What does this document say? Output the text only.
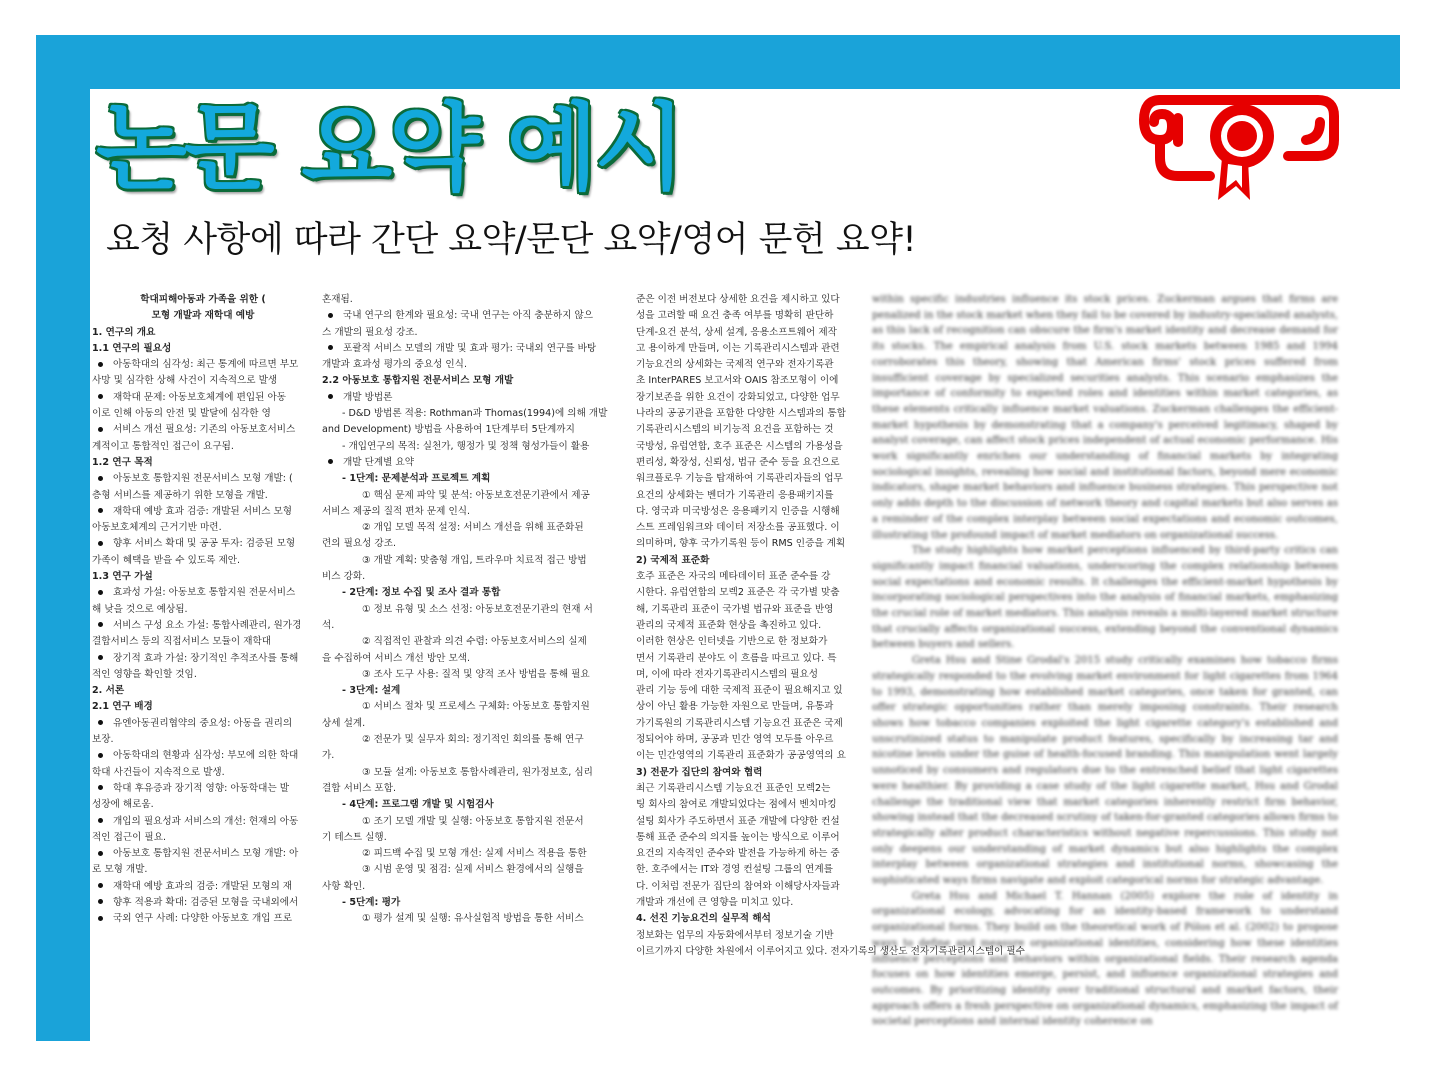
논문 요약 예시
요청 사항에 따라 간단 요약/문단 요약/영어 문헌 요약!
학대피해아동과 가족을 위한 (
모형 개발과 재학대 예방
1. 연구의 개요
1.1 연구의 필요성
아동학대의 심각성: 최근 통계에 따르면 부모
사망 및 심각한 상해 사건이 지속적으로 발생
재학대 문제: 아동보호체계에 편입된 아동
이로 인해 아동의 안전 및 발달에 심각한 영
서비스 개선 필요성: 기존의 아동보호서비스
계적이고 통합적인 접근이 요구됨.
1.2 연구 목적
아동보호 통합지원 전문서비스 모형 개발: (
층형 서비스를 제공하기 위한 모형을 개발.
재학대 예방 효과 검증: 개발된 서비스 모형
아동보호체계의 근거기반 마련.
향후 서비스 확대 및 공공 투자: 검증된 모형
가족이 혜택을 받을 수 있도록 제안.
1.3 연구 가설
효과성 가설: 아동보호 통합지원 전문서비스
해 낮을 것으로 예상됨.
서비스 구성 요소 가설: 통합사례관리, 원가경
결합서비스 등의 직접서비스 모듈이 재학대
장기적 효과 가설: 장기적인 추적조사를 통해
적인 영향을 확인할 것임.
2. 서론
2.1 연구 배경
유엔아동권리협약의 중요성: 아동을 권리의
보장.
아동학대의 현황과 심각성: 부모에 의한 학대
학대 사건들이 지속적으로 발생.
학대 후유증과 장기적 영향: 아동학대는 발
성장에 해로움.
개입의 필요성과 서비스의 개선: 현재의 아동
적인 접근이 필요.
아동보호 통합지원 전문서비스 모형 개발: 아
로 모형 개발.
재학대 예방 효과의 검증: 개발된 모형의 재
향후 적용과 확대: 검증된 모형을 국내외에서
국외 연구 사례: 다양한 아동보호 개입 프로
혼재됨.
국내 연구의 한계와 필요성: 국내 연구는 아직 충분하지 않으
스 개발의 필요성 강조.
포괄적 서비스 모델의 개발 및 효과 평가: 국내외 연구를 바탕
개발과 효과성 평가의 중요성 인식.
2.2 아동보호 통합지원 전문서비스 모형 개발
개발 방법론
- D&D 방법론 적용: Rothman과 Thomas(1994)에 의해 개발
and Development) 방법을 사용하여 1단계부터 5단계까지
- 개입연구의 목적: 실천가, 행정가 및 정책 형성가들이 활용
개발 단계별 요약
- 1단계: 문제분석과 프로젝트 계획
① 핵심 문제 파악 및 분석: 아동보호전문기관에서 제공
서비스 제공의 질적 편차 문제 인식.
② 개입 모델 목적 설정: 서비스 개선을 위해 표준화된
련의 필요성 강조.
③ 개발 계획: 맞춤형 개입, 트라우마 치료적 접근 방법
비스 강화.
- 2단계: 정보 수집 및 조사 결과 통합
① 정보 유형 및 소스 선정: 아동보호전문기관의 현재 서
석.
② 직접적인 관찰과 의견 수렴: 아동보호서비스의 실제
을 수집하여 서비스 개선 방안 모색.
③ 조사 도구 사용: 질적 및 양적 조사 방법을 통해 필요
- 3단계: 설계
① 서비스 절차 및 프로세스 구체화: 아동보호 통합지원
상세 설계.
② 전문가 및 실무자 회의: 정기적인 회의를 통해 연구
가.
③ 모듈 설계: 아동보호 통합사례관리, 원가정보호, 심리
결합 서비스 포함.
- 4단계: 프로그램 개발 및 시험검사
① 조기 모델 개발 및 실행: 아동보호 통합지원 전문서
기 테스트 실행.
② 피드백 수집 및 모형 개선: 실제 서비스 적용을 통한
③ 시범 운영 및 점검: 실제 서비스 환경에서의 실행을
사항 확인.
- 5단계: 평가
① 평가 설계 및 실행: 유사실험적 방법을 통한 서비스
준은 이전 버전보다 상세한 요건을 제시하고 있다
성을 고려할 때 요건 충족 여부를 명확히 판단하
단계-요건 분석, 상세 설계, 응용소프트웨어 제작
고 용이하게 만들며, 이는 기록관리시스템과 관련
기능요건의 상세화는 국제적 연구와 전자기록관
초 InterPARES 보고서와 OAIS 참조모형이 이에
장기보존을 위한 요건이 강화되었고, 다양한 업무
나라의 공공기관을 포함한 다양한 시스템과의 통합
기록관리시스템의 비기능적 요건을 포함하는 것
국방성, 유럽연합, 호주 표준은 시스템의 가용성을
편리성, 확장성, 신뢰성, 법규 준수 등을 요건으로
워크플로우 기능을 탑재하여 기록관리자들의 업무
요건의 상세화는 벤더가 기록관리 응용패키지를
다. 영국과 미국방성은 응용패키지 인증을 시행해
스트 프레임워크와 데이터 저장소를 공표했다. 이
의미하며, 향후 국가기록원 등이 RMS 인증을 계획
2) 국제적 표준화
호주 표준은 자국의 메타데이터 표준 준수를 강
시한다. 유럽연합의 모렉2 표준은 각 국가별 맞춤
해, 기록관리 표준이 국가별 법규와 표준을 반영
관리의 국제적 표준화 현상을 촉진하고 있다.
이러한 현상은 인터넷을 기반으로 한 정보화가
면서 기록관리 분야도 이 흐름을 따르고 있다. 특
며, 이에 따라 전자기록관리시스템의 필요성
관리 기능 등에 대한 국제적 표준이 필요해지고 있
상이 아닌 활용 가능한 자원으로 만들며, 유통과
가기록원의 기록관리시스템 기능요건 표준은 국제
정되어야 하며, 공공과 민간 영역 모두를 아우르
이는 민간영역의 기록관리 표준화가 공공영역의 요
3) 전문가 집단의 참여와 협력
최근 기록관리시스템 기능요건 표준인 모렉2는
팅 회사의 참여로 개발되었다는 점에서 벤치마킹
설팅 회사가 주도하면서 표준 개발에 다양한 컨설
통해 표준 준수의 의지를 높이는 방식으로 이루어
요건의 지속적인 준수와 발전을 가능하게 하는 중
한. 호주에서는 IT와 경영 컨설팅 그룹의 연계를
다. 이처럼 전문가 집단의 참여와 이해당사자들과
개발과 개선에 큰 영향을 미치고 있다.
4. 선진 기능요건의 실무적 해석
정보화는 업무의 자동화에서부터 정보기술 기반
이르기까지 다양한 차원에서 이루어지고 있다. 전자기록의 생산도 전자기록관리시스템이 필수

within specific industries influence its stock prices. Zuckerman argues that firms are penalized in the stock market when they fail to be covered by industry-specialized analysts, as this lack of recognition can obscure the firm's market identity and decrease demand for its stocks. The empirical analysis from U.S. stock markets between 1985 and 1994 corroborates this theory, showing that American firms' stock prices suffered from insufficient coverage by specialized securities analysts. This scenario emphasizes the importance of conformity to expected roles and identities within market categories, as these elements critically influence market valuations. Zuckerman challenges the efficient-market hypothesis by demonstrating that a company's perceived legitimacy, shaped by analyst coverage, can affect stock prices independent of actual economic performance. His work significantly enriches our understanding of financial markets by integrating sociological insights, revealing how social and institutional factors, beyond mere economic indicators, shape market behaviors and influence business strategies. This perspective not only adds depth to the discussion of network theory and capital markets but also serves as a reminder of the complex interplay between social expectations and economic outcomes, illustrating the profound impact of market mediators on organizational success.

The study highlights how market perceptions influenced by third-party critics can significantly impact financial valuations, underscoring the complex relationship between social expectations and economic results. It challenges the efficient-market hypothesis by incorporating sociological perspectives into the analysis of financial markets, emphasizing the crucial role of market mediators. This analysis reveals a multi-layered market structure that crucially affects organizational success, extending beyond the conventional dynamics between buyers and sellers.

Greta Hsu and Stine Grodal's 2015 study critically examines how tobacco firms strategically responded to the evolving market environment for light cigarettes from 1964 to 1993, demonstrating how established market categories, once taken for granted, can offer strategic opportunities rather than merely imposing constraints. Their research shows how tobacco companies exploited the light cigarette category's established and unscrutinized status to manipulate product features, specifically by increasing tar and nicotine levels under the guise of health-focused branding. This manipulation went largely unnoticed by consumers and regulators due to the entrenched belief that light cigarettes were healthier. By providing a case study of the light cigarette market, Hsu and Grodal challenge the traditional view that market categories inherently restrict firm behavior, showing instead that the decreased scrutiny of taken-for-granted categories allows firms to strategically alter product characteristics without negative repercussions. This study not only deepens our understanding of market dynamics but also highlights the complex interplay between organizational strategies and institutional norms, showcasing the sophisticated ways firms navigate and exploit categorical norms for strategic advantage.

Greta Hsu and Michael T. Hannan (2005) explore the role of identity in organizational ecology, advocating for an identity-based framework to understand organizational forms. They build on the theoretical work of Pólos et al. (2002) to propose ways to define and measure organizational identities, considering how these identities influence perceptions and behaviors within organizational fields. Their research agenda focuses on how identities emerge, persist, and influence organizational strategies and outcomes. By prioritizing identity over traditional structural and market factors, their approach offers a fresh perspective on organizational dynamics, emphasizing the impact of societal perceptions and internal identity coherence on
